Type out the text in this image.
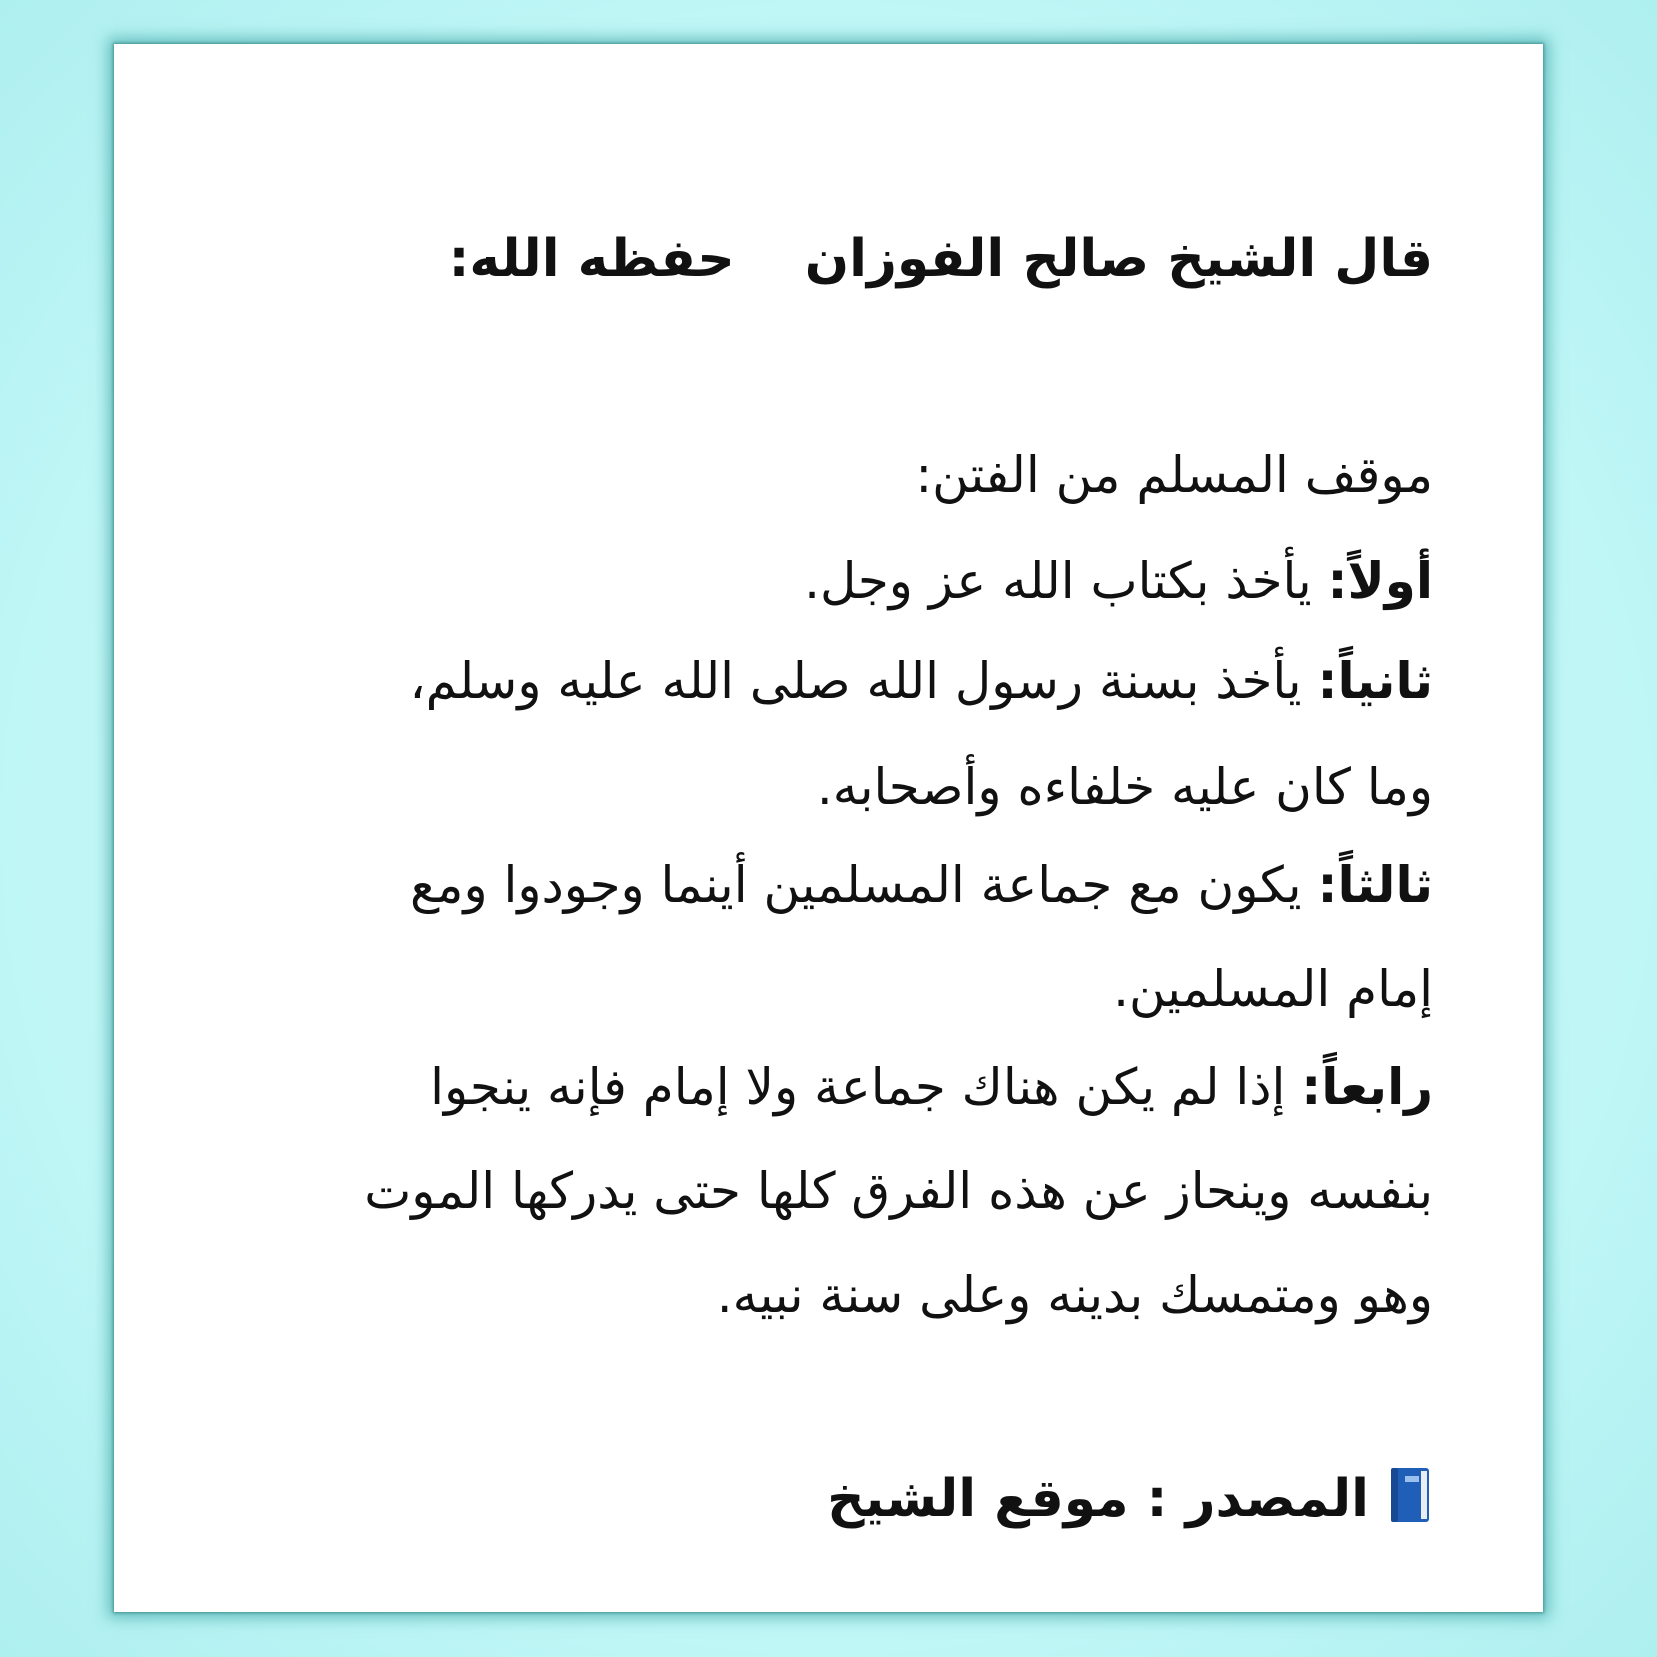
قال الشيخ صالح الفوزانحفظه الله:
موقف المسلم من الفتن:
أولاً: يأخذ بكتاب الله عز وجل.
ثانياً: يأخذ بسنة رسول الله صلى الله عليه وسلم،
وما كان عليه خلفاءه وأصحابه.
ثالثاً: يكون مع جماعة المسلمين أينما وجودوا ومع
إمام المسلمين.
رابعاً: إذا لم يكن هناك جماعة ولا إمام فإنه ينجوا
بنفسه وينحاز عن هذه الفرق كلها حتى يدركها الموت
وهو ومتمسك بدينه وعلى سنة نبيه.
المصدر : موقع الشيخ
